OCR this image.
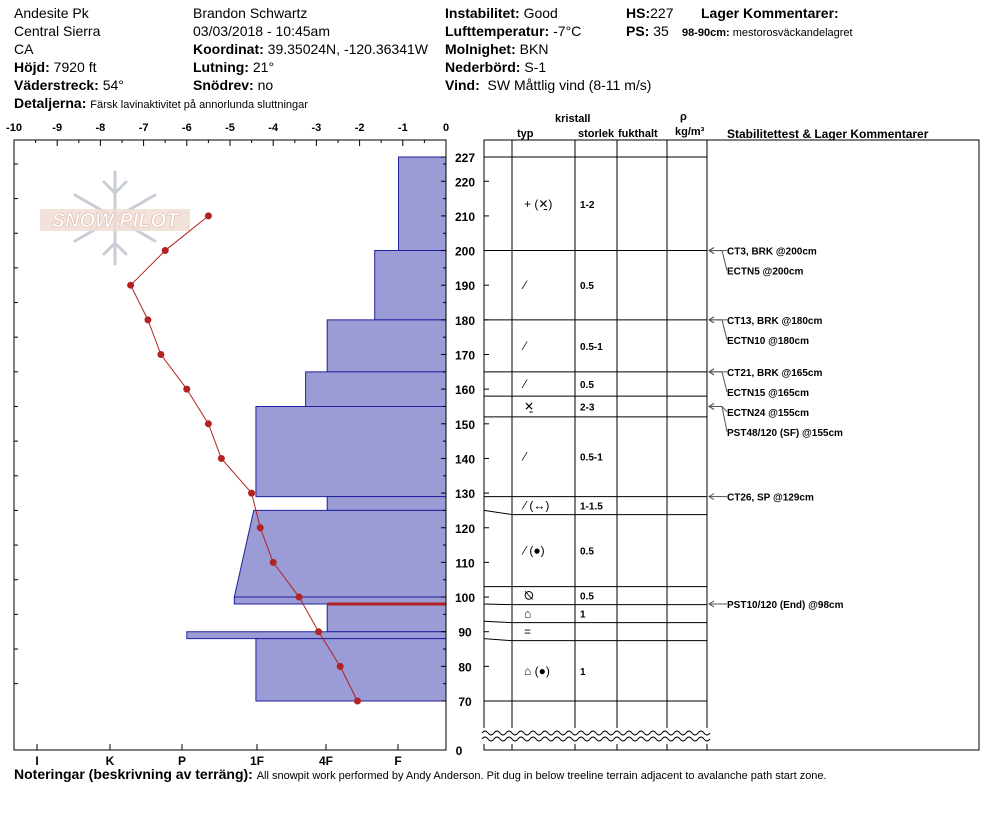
Andesite Pk
Central Sierra
CA
Höjd: 7920 ft
Väderstreck: 54°
Detaljerna: Färsk lavinaktivitet på annorlunda sluttningar
Brandon Schwartz
03/03/2018 - 10:45am
Koordinat: 39.35024N, -120.36341W
Lutning: 21°
Snödrev: no
Instabilitet: Good
Lufttemperatur: -7°C
Molnighet: BKN
Nederbörd: S-1
Vind: SW Måttlig vind (8-11 m/s)
HS:227
PS: 35
Lager Kommentarer:
98-90cm: mestorosväckandelagret
kristall
typ	storlek fukthalt
ρ
kg/m³ Stabilitettest & Lager Kommentarer
Noteringar (beskrivning av terräng): All snowpit work performed by Andy Anderson. Pit dug in below treeline terrain adjacent to avalanche path start zone.
SNOW PILOT
-10	-9	-8	-7	-6	-5	-4	-3	-2	-1	0
227
220
210
200
190
180
170
160
150
140
130
120
110
100
90
80
70
0
+ (✕̱)	1-2
⁄	0.5
⁄	0.5-1
⁄	0.5
✕̱	2-3
⁄	0.5-1
⁄ (↔)	1-1.5
⁄ (●)	0.5
⦰	0.5
⌂	1
=
⌂ (●)	1
CT3, BRK @200cm
ECTN5 @200cm
CT13, BRK @180cm
ECTN10 @180cm
CT21, BRK @165cm
ECTN15 @165cm
ECTN24 @155cm
PST48/120 (SF) @155cm
CT26, SP @129cm
PST10/120 (End) @98cm
I	K	P	1F	4F	F
